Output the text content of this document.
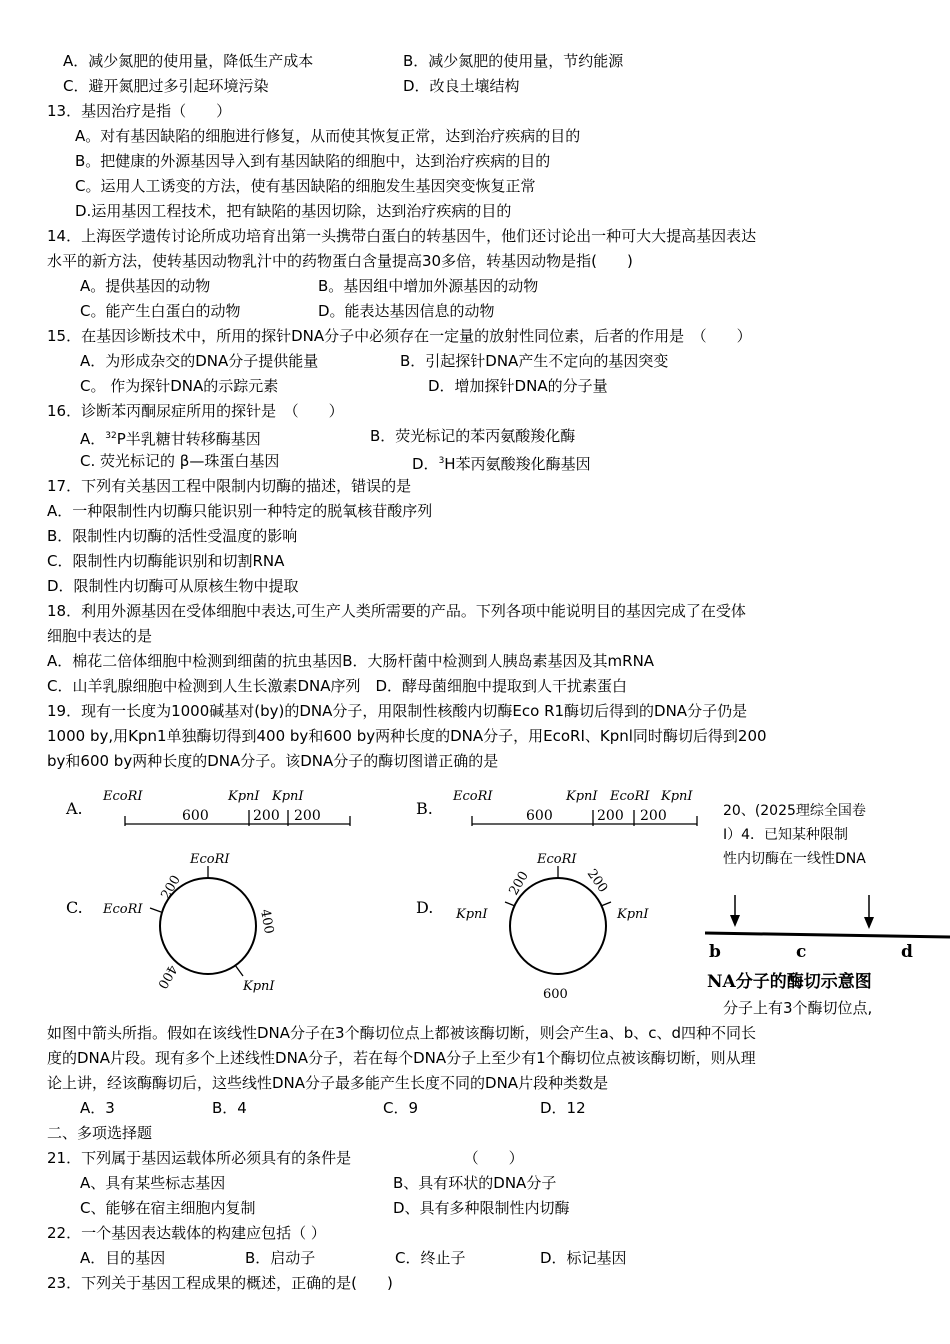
A．减少氮肥的使用量，降低生产成本	B．减少氮肥的使用量，节约能源
C．避开氮肥过多引起环境污染	D．改良土壤结构
13．基因治疗是指（　　）
A。对有基因缺陷的细胞进行修复，从而使其恢复正常，达到治疗疾病的目的
B。把健康的外源基因导入到有基因缺陷的细胞中，达到治疗疾病的目的
C。运用人工诱变的方法，使有基因缺陷的细胞发生基因突变恢复正常
D.运用基因工程技术，把有缺陷的基因切除，达到治疗疾病的目的
14．上海医学遗传讨论所成功培育出第一头携带白蛋白的转基因牛，他们还讨论出一种可大大提高基因表达
水平的新方法，使转基因动物乳汁中的药物蛋白含量提高30多倍，转基因动物是指(　　)
A。提供基因的动物	B。基因组中增加外源基因的动物
C。能产生白蛋白的动物	D。能表达基因信息的动物
15．在基因诊断技术中，所用的探针DNA分子中必须存在一定量的放射性同位素，后者的作用是　（　　）
A．为形成杂交的DNA分子提供能量	B．引起探针DNA产生不定向的基因突变
C。 作为探针DNA的示踪元素	D．增加探针DNA的分子量
16．诊断苯丙酮尿症所用的探针是　（　　）
A．$^{32}$P半乳糖甘转移酶基因	B．荧光标记的苯丙氨酸羧化酶
C. 荧光标记的 β—珠蛋白基因	D．$^3$H苯丙氨酸羧化酶基因
17．下列有关基因工程中限制内切酶的描述，错误的是
A．一种限制性内切酶只能识别一种特定的脱氧核苷酸序列
B．限制性内切酶的活性受温度的影响
C．限制性内切酶能识别和切割RNA
D．限制性内切酶可从原核生物中提取
18．利用外源基因在受体细胞中表达,可生产人类所需要的产品。下列各项中能说明目的基因完成了在受体
细胞中表达的是
A．棉花二倍体细胞中检测到细菌的抗虫基因B．大肠杆菌中检测到人胰岛素基因及其mRNA
C．山羊乳腺细胞中检测到人生长激素DNA序列　D．酵母菌细胞中提取到人干扰素蛋白
19．现有一长度为1000碱基对(by)的DNA分子，用限制性核酸内切酶Eco R1酶切后得到的DNA分子仍是
1000 by,用Kpn1单独酶切得到400 by和600 by两种长度的DNA分子，用EcoRI、Kpnl同时酶切后得到200
by和600 by两种长度的DNA分子。该DNA分子的酶切图谱正确的是
A.
EcoRI	KpnI KpnI
600	200 200	B.
EcoRI	KpnI EcoRI KpnI
600	200 200
C.
EcoRI
EcoRI
KpnI
200
400
400
D.
EcoRI
KpnI	KpnI
200	200
600
20、(2025理综全国卷
Ⅰ）4．已知某种限制
性内切酶在一线性DNA
b	c	d
NA分子的酶切示意图
分子上有3个酶切位点,
如图中箭头所指。假如在该线性DNA分子在3个酶切位点上都被该酶切断，则会产生a、b、c、d四种不同长
度的DNA片段。现有多个上述线性DNA分子，若在每个DNA分子上至少有1个酶切位点被该酶切断，则从理
论上讲，经该酶酶切后，这些线性DNA分子最多能产生长度不同的DNA片段种类数是
A．3	B．4	C．9	D．12
二、多项选择题
21．下列属于基因运载体所必须具有的条件是　　　　　　　　（　　）
A、具有某些标志基因	B、具有环状的DNA分子
C、能够在宿主细胞内复制	D、具有多种限制性内切酶
22．一个基因表达载体的构建应包括（ ）
A．目的基因	B．启动子	C．终止子	D．标记基因
23．下列关于基因工程成果的概述，正确的是(　　)
